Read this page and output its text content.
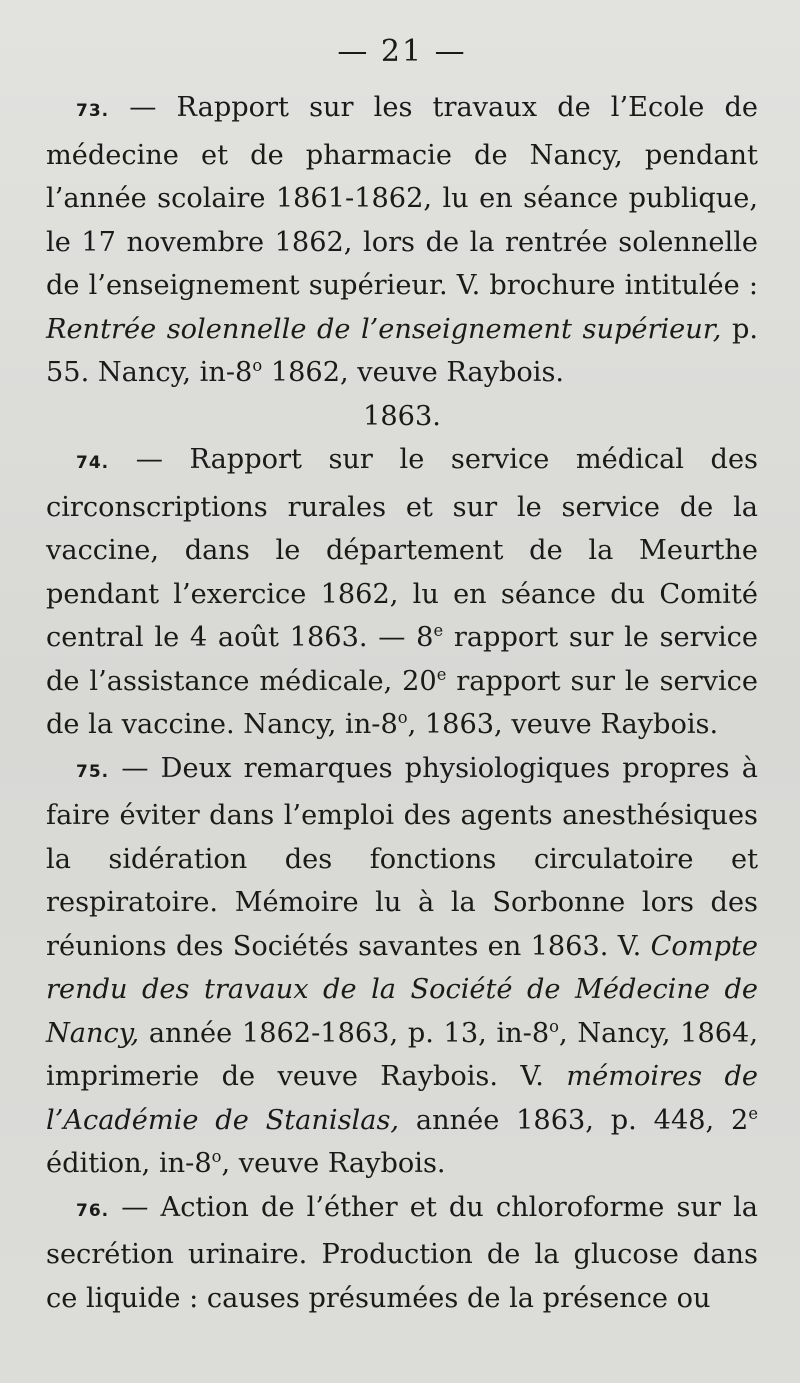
— 21 —

73. — Rapport sur les travaux de l’Ecole de médecine et de pharmacie de Nancy, pendant l’année scolaire 1861-1862, lu en séance publique, le 17 novembre 1862, lors de la rentrée solennelle de l’enseignement supérieur. V. brochure intitulée : Rentrée solennelle de l’enseignement supérieur, p. 55. Nancy, in-8$^o$ 1862, veuve Raybois.

1863.

74. — Rapport sur le service médical des circonscriptions rurales et sur le service de la vaccine, dans le département de la Meurthe pendant l’exercice 1862, lu en séance du Comité central le 4 août 1863. — 8e rapport sur le service de l’assistance médicale, 20e rapport sur le service de la vaccine. Nancy, in-8$^o$, 1863, veuve Raybois.

75. — Deux remarques physiologiques propres à faire éviter dans l’emploi des agents anesthésiques la sidération des fonctions circulatoire et respiratoire. Mémoire lu à la Sorbonne lors des réunions des Sociétés savantes en 1863. V. Compte rendu des travaux de la Société de Médecine de Nancy, année 1862-1863, p. 13, in-8$^o$, Nancy, 1864, imprimerie de veuve Raybois. V. mémoires de l’Académie de Stanislas, année 1863, p. 448, 2e édition, in-8$^o$, veuve Raybois.

76. — Action de l’éther et du chloroforme sur la secrétion urinaire. Production de la glucose dans ce liquide : causes présumées de la présence ou
